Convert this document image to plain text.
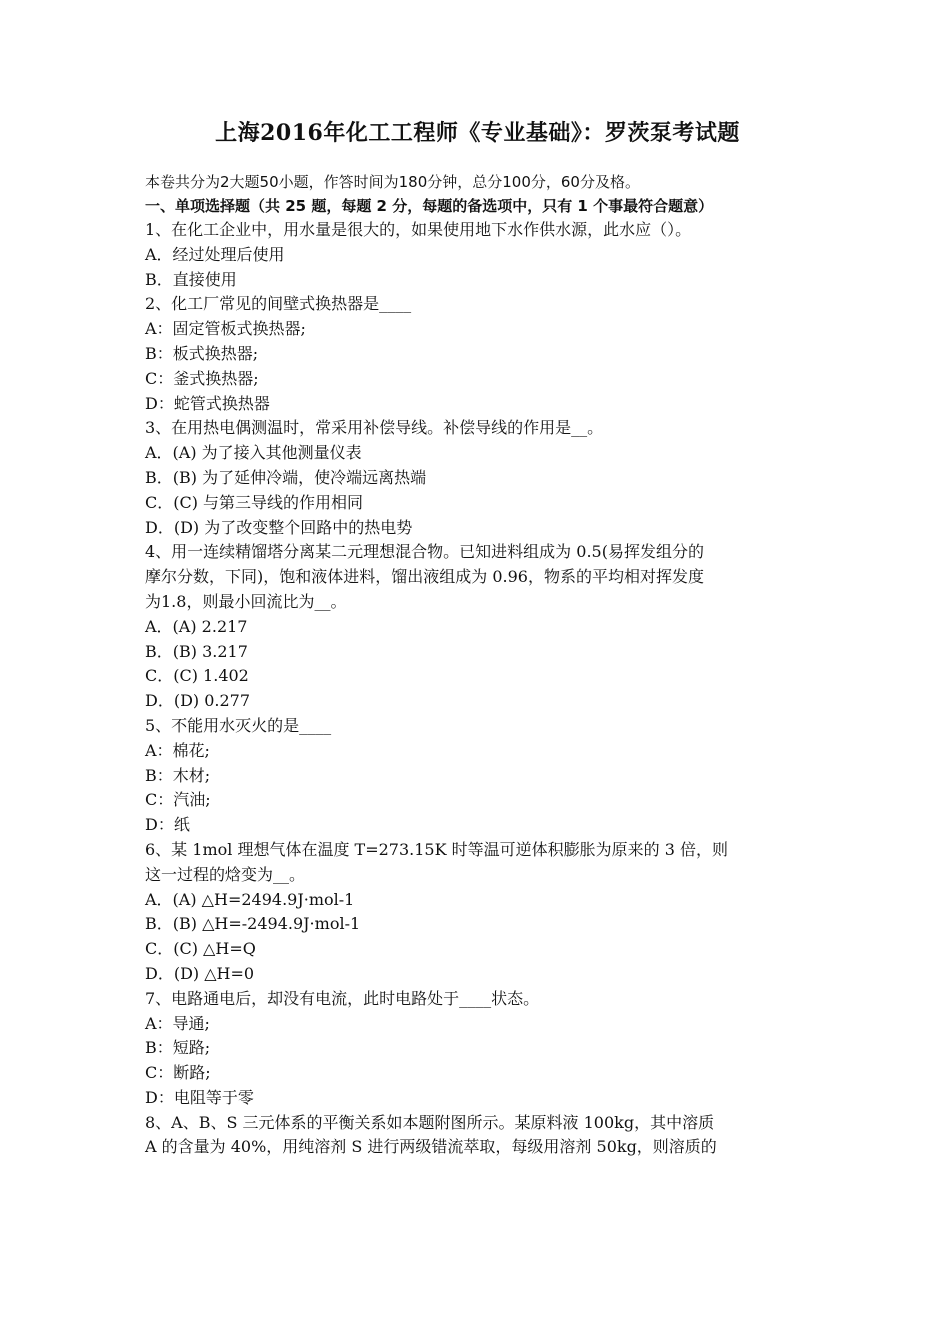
上海2016年化工工程师《专业基础》：罗茨泵考试题
本卷共分为2大题50小题，作答时间为180分钟，总分100分，60分及格。
一、单项选择题（共 25 题，每题 2 分，每题的备选项中，只有 1 个事最符合题意）
1、在化工企业中，用水量是很大的，如果使用地下水作供水源，此水应（）。
A．经过处理后使用
B．直接使用
2、化工厂常见的间壁式换热器是____
A：固定管板式换热器;
B：板式换热器;
C：釜式换热器;
D：蛇管式换热器
3、在用热电偶测温时，常采用补偿导线。补偿导线的作用是__。
A．(A) 为了接入其他测量仪表
B．(B) 为了延伸冷端，使冷端远离热端
C．(C) 与第三导线的作用相同
D．(D) 为了改变整个回路中的热电势
4、用一连续精馏塔分离某二元理想混合物。已知进料组成为 0.5(易挥发组分的
摩尔分数，下同)，饱和液体进料，馏出液组成为 0.96，物系的平均相对挥发度
为1.8，则最小回流比为__。
A．(A) 2.217
B．(B) 3.217
C．(C) 1.402
D．(D) 0.277
5、不能用水灭火的是____
A：棉花;
B：木材;
C：汽油;
D：纸
6、某 1mol 理想气体在温度 T=273.15K 时等温可逆体积膨胀为原来的 3 倍，则
这一过程的焓变为__。
A．(A) △H=2494.9J·mol-1
B．(B) △H=-2494.9J·mol-1
C．(C) △H=Q
D．(D) △H=0
7、电路通电后，却没有电流，此时电路处于____状态。
A：导通;
B：短路;
C：断路;
D：电阻等于零
8、A、B、S 三元体系的平衡关系如本题附图所示。某原料液 100kg，其中溶质
A 的含量为 40%，用纯溶剂 S 进行两级错流萃取，每级用溶剂 50kg，则溶质的
